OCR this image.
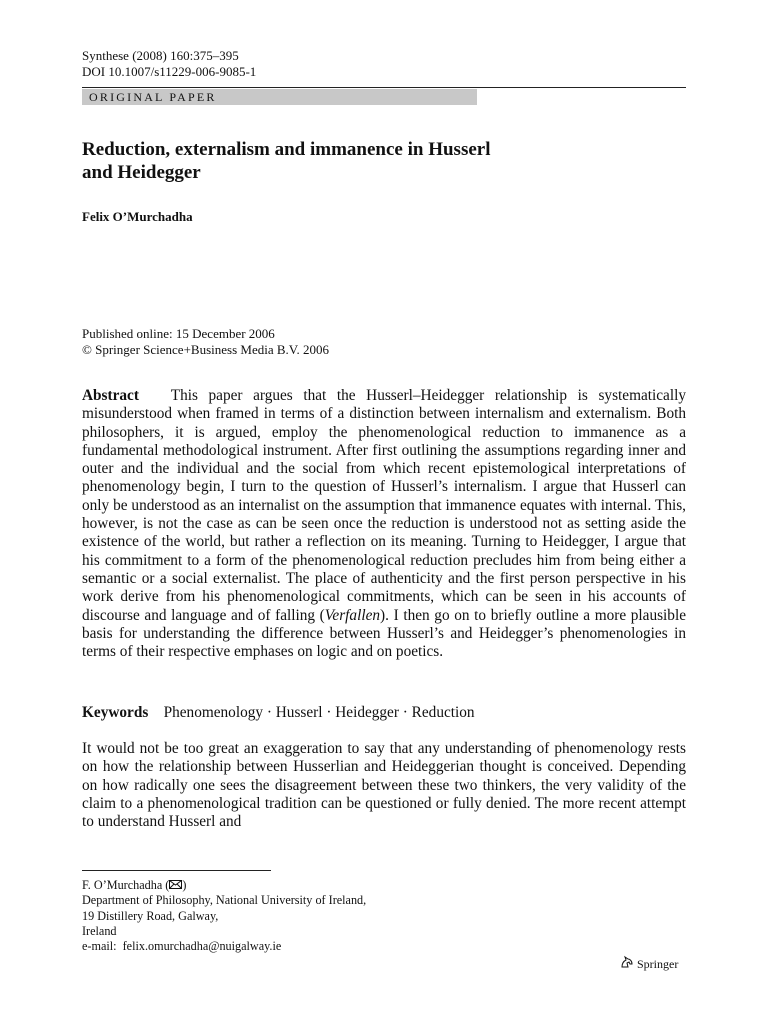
Synthese (2008) 160:375–395
DOI 10.1007/s11229-006-9085-1
ORIGINAL PAPER
Reduction, externalism and immanence in Husserl
and Heidegger
Felix O’Murchadha
Published online: 15 December 2006
© Springer Science+Business Media B.V. 2006
Abstract This paper argues that the Husserl–Heidegger relationship is systematically misunderstood when framed in terms of a distinction between internalism and externalism. Both philosophers, it is argued, employ the phenomenological reduction to immanence as a fundamental methodological instrument. After first outlining the assumptions regarding inner and outer and the individual and the social from which recent epistemological interpretations of phenomenology begin, I turn to the question of Husserl’s internalism. I argue that Husserl can only be understood as an internalist on the assumption that immanence equates with internal. This, however, is not the case as can be seen once the reduction is understood not as setting aside the existence of the world, but rather a reflection on its meaning. Turning to Heidegger, I argue that his commitment to a form of the phenomenological reduction precludes him from being either a semantic or a social externalist. The place of authenticity and the first person perspective in his work derive from his phenomenological commitments, which can be seen in his accounts of discourse and language and of falling (Verfallen). I then go on to briefly outline a more plausible basis for understanding the difference between Husserl’s and Heidegger’s phenomenologies in terms of their respective emphases on logic and on poetics.
Keywords Phenomenology · Husserl · Heidegger · Reduction
It would not be too great an exaggeration to say that any understanding of phenomenology rests on how the relationship between Husserlian and Heideggerian thought is conceived. Depending on how radically one sees the disagreement between these two thinkers, the very validity of the claim to a phenomenological tradition can be questioned or fully denied. The more recent attempt to understand Husserl and
F. O’Murchadha ( )
Department of Philosophy, National University of Ireland,
19 Distillery Road, Galway,
Ireland
e-mail: felix.omurchadha@nuigalway.ie
Springer
